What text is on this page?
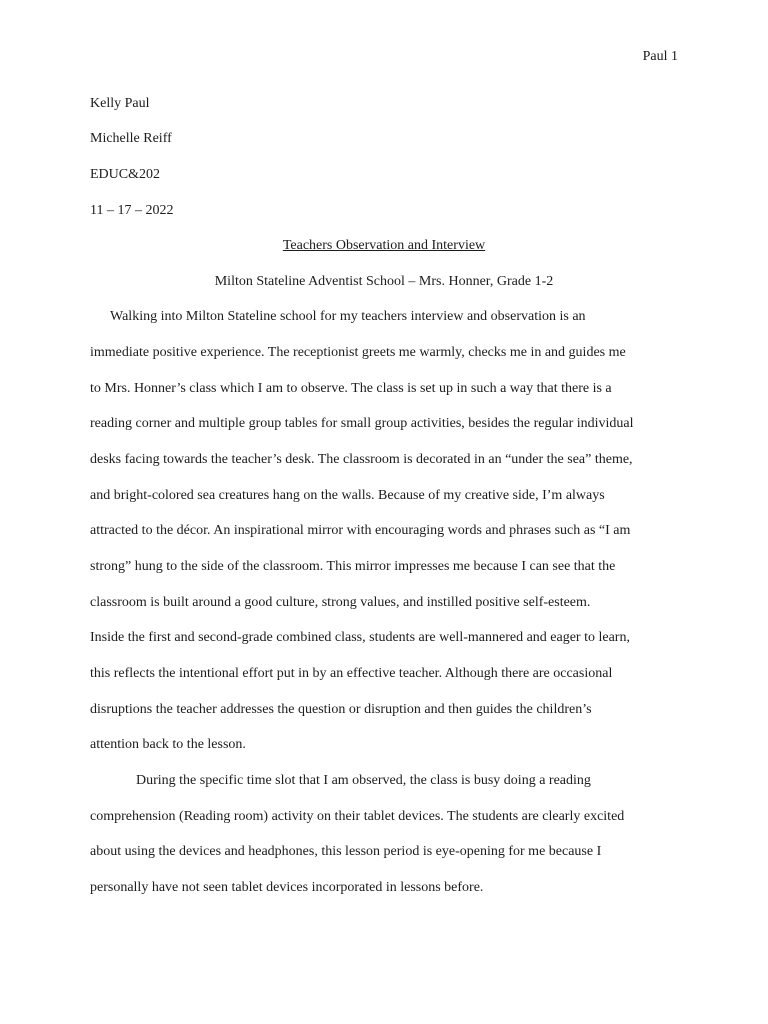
Paul 1
Kelly Paul
Michelle Reiff
EDUC&202
11 – 17 – 2022
Teachers Observation and Interview
Milton Stateline Adventist School – Mrs. Honner, Grade 1-2
Walking into Milton Stateline school for my teachers interview and observation is an
immediate positive experience. The receptionist greets me warmly, checks me in and guides me
to Mrs. Honner’s class which I am to observe. The class is set up in such a way that there is a
reading corner and multiple group tables for small group activities, besides the regular individual
desks facing towards the teacher’s desk. The classroom is decorated in an “under the sea” theme,
and bright-colored sea creatures hang on the walls. Because of my creative side, I’m always
attracted to the décor. An inspirational mirror with encouraging words and phrases such as “I am
strong” hung to the side of the classroom. This mirror impresses me because I can see that the
classroom is built around a good culture, strong values, and instilled positive self-esteem.
Inside the first and second-grade combined class, students are well-mannered and eager to learn,
this reflects the intentional effort put in by an effective teacher. Although there are occasional
disruptions the teacher addresses the question or disruption and then guides the children’s
attention back to the lesson.
During the specific time slot that I am observed, the class is busy doing a reading
comprehension (Reading room) activity on their tablet devices. The students are clearly excited
about using the devices and headphones, this lesson period is eye-opening for me because I
personally have not seen tablet devices incorporated in lessons before.
